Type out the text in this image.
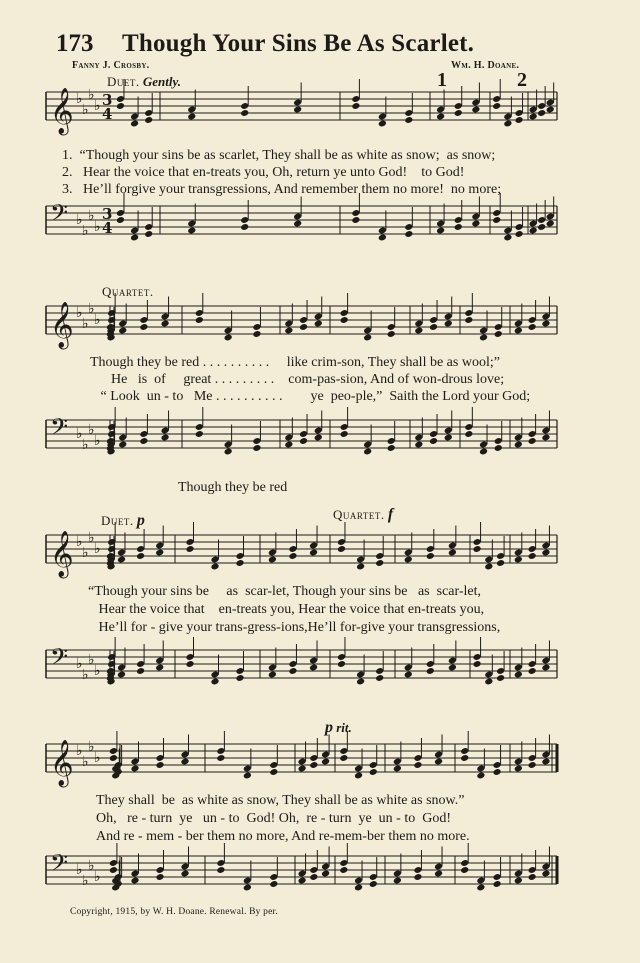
173 Though Your Sins Be As Scarlet.
Fanny J. Crosby.	Wm. H. Doane.
Duet. Gently.	1	2
𝄞 ♭
♭
♭
♭ 3
4
𝄢 ♭
♭
♭
♭
3
4
1.  “Though your sins be as scarlet, They shall be as white as snow;  as snow;
2.   Hear the voice that en-treats you, Oh, return ye unto God!    to God!
3.   He’ll forgive your transgressions, And remember them no more!  no more;
Quartet.
𝄞 ♭
♭
♭
♭
Though they be red . . . . . . . . . .     like crim-son, They shall be as wool;”
He   is  of     great . . . . . . . . .    com-pas-sion, And of won-drous love;
“ Look  un - to   Me . . . . . . . . . .        ye  peo-ple,”  Saith the Lord your God;
𝄢 ♭
♭
♭
♭
Though they be red
Duet. p	Quartet. f
𝄞 ♭
♭
♭
♭
“Though your sins be     as  scar-let, Though your sins be   as  scar-let,
Hear the voice that    en-treats you, Hear the voice that en-treats you,
He’ll for - give your trans-gress-ions,He’ll for-give your transgressions,
𝄢 ♭
♭
♭
♭
p rit.
𝄞 ♭
♭
♭
♭
They shall  be  as white as snow, They shall be as white as snow.”
Oh,   re - turn  ye   un - to  God! Oh,  re - turn  ye  un - to  God!
And re - mem - ber them no more, And re-mem-ber them no more.
𝄢 ♭
♭
♭
♭
Copyright, 1915, by W. H. Doane. Renewal. By per.
